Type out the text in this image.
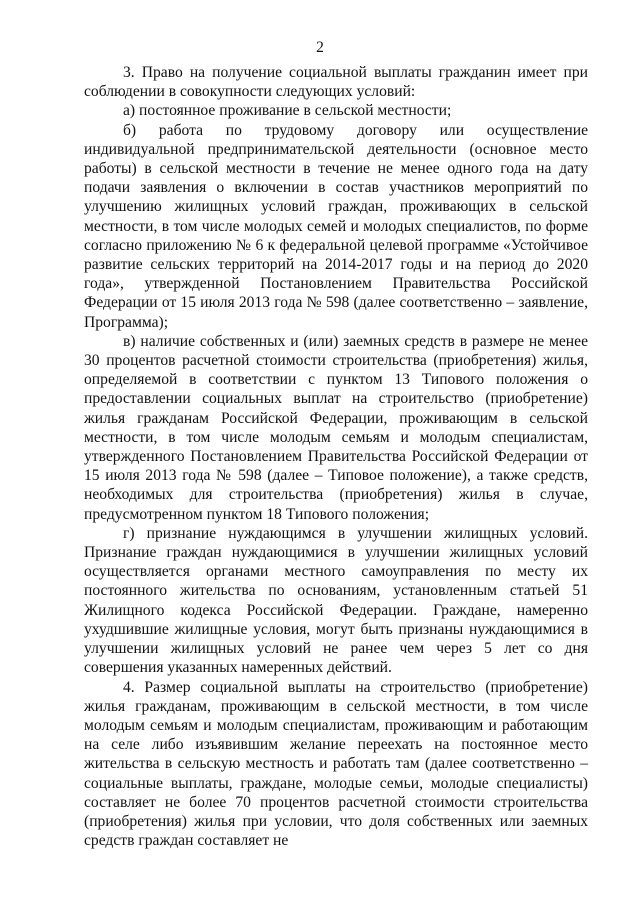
2

3. Право на получение социальной выплаты гражданин имеет при соблюдении в совокупности следующих условий:

а) постоянное проживание в сельской местности;

б) работа по трудовому договору или осуществление индивидуальной предпринимательской деятельности (основное место работы) в сельской местности в течение не менее одного года на дату подачи заявления о включении в состав участников мероприятий по улучшению жилищных условий граждан, проживающих в сельской местности, в том числе молодых семей и молодых специалистов, по форме согласно приложению № 6 к федеральной целевой программе «Устойчивое развитие сельских территорий на 2014-2017 годы и на период до 2020 года», утвержденной Постановлением Правительства Российской Федерации от 15 июля 2013 года № 598 (далее соответственно – заявление, Программа);

в) наличие собственных и (или) заемных средств в размере не менее 30 процентов расчетной стоимости строительства (приобретения) жилья, определяемой в соответствии с пунктом 13 Типового положения о предоставлении социальных выплат на строительство (приобретение) жилья гражданам Российской Федерации, проживающим в сельской местности, в том числе молодым семьям и молодым специалистам, утвержденного Постановлением Правительства Российской Федерации от 15 июля 2013 года № 598 (далее – Типовое положение), а также средств, необходимых для строительства (приобретения) жилья в случае, предусмотренном пунктом 18 Типового положения;

г) признание нуждающимся в улучшении жилищных условий. Признание граждан нуждающимися в улучшении жилищных условий осуществляется органами местного самоуправления по месту их постоянного жительства по основаниям, установленным статьей 51 Жилищного кодекса Российской Федерации. Граждане, намеренно ухудшившие жилищные условия, могут быть признаны нуждающимися в улучшении жилищных условий не ранее чем через 5 лет со дня совершения указанных намеренных действий.

4. Размер социальной выплаты на строительство (приобретение) жилья гражданам, проживающим в сельской местности, в том числе молодым семьям и молодым специалистам, проживающим и работающим на селе либо изъявившим желание переехать на постоянное место жительства в сельскую местность и работать там (далее соответственно – социальные выплаты, граждане, молодые семьи, молодые специалисты) составляет не более 70 процентов расчетной стоимости строительства (приобретения) жилья при условии, что доля собственных или заемных средств граждан составляет не
